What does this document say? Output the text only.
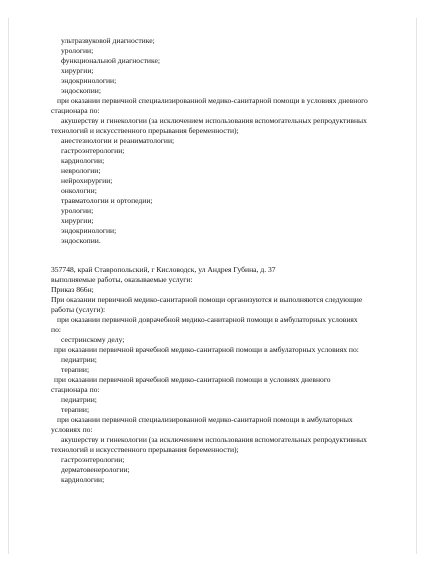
ультразвуковой диагностике;
урологии;
функциональной диагностике;
хирургии;
эндокринологии;
эндоскопии;
при оказании первичной специализированной медико-санитарной помощи в условиях дневного
стационара по:
акушерству и гинекологии (за исключением использования вспомогательных репродуктивных
технологий и искусственного прерывания беременности);
анестезиологии и реаниматологии;
гастроэнтерологии;
кардиологии;
неврологии;
нейрохирургии;
онкологии;
травматологии и ортопедии;
урологии;
хирургии;
эндокринологии;
эндоскопии.
357748, край Ставропольский, г Кисловодск, ул Андрея Губина, д. 37
выполняемые работы, оказываемые услуги:
Приказ 866н;
При оказании первичной медико-санитарной помощи организуются и выполняются следующие
работы (услуги):
при оказании первичной доврачебной медико-санитарной помощи в амбулаторных условиях
по:
сестринскому делу;
при оказании первичной врачебной медико-санитарной помощи в амбулаторных условиях по:
педиатрии;
терапии;
при оказании первичной врачебной медико-санитарной помощи в условиях дневного
стационара по:
педиатрии;
терапии;
при оказании первичной специализированной медико-санитарной помощи в амбулаторных
условиях по:
акушерству и гинекологии (за исключением использования вспомогательных репродуктивных
технологий и искусственного прерывания беременности);
гастроэнтерологии;
дерматовенерологии;
кардиологии;
